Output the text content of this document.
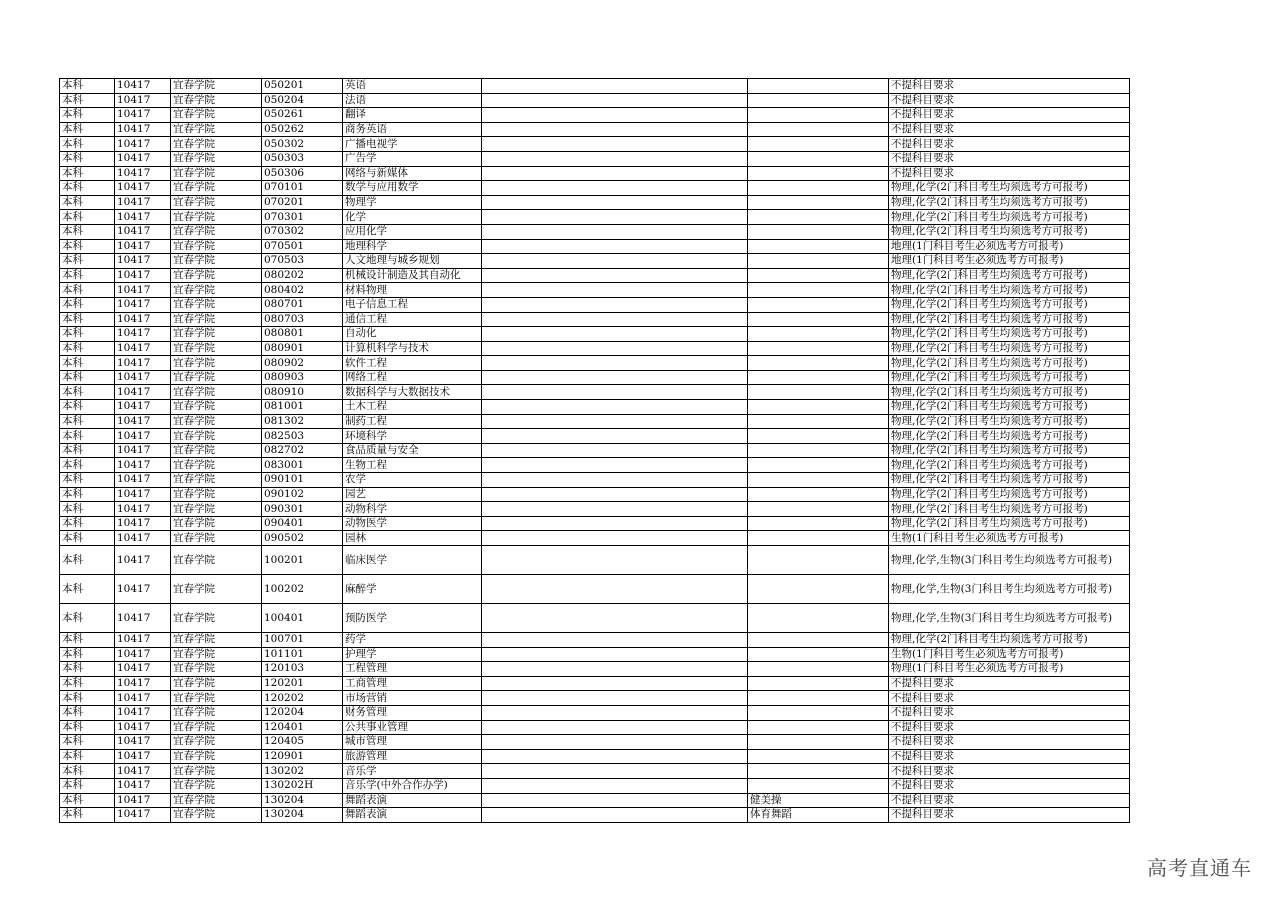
本科	10417	宜春学院	050201	英语			不提科目要求
本科	10417	宜春学院	050204	法语			不提科目要求
本科	10417	宜春学院	050261	翻译			不提科目要求
本科	10417	宜春学院	050262	商务英语			不提科目要求
本科	10417	宜春学院	050302	广播电视学			不提科目要求
本科	10417	宜春学院	050303	广告学			不提科目要求
本科	10417	宜春学院	050306	网络与新媒体			不提科目要求
本科	10417	宜春学院	070101	数学与应用数学			物理,化学(2门科目考生均须选考方可报考)
本科	10417	宜春学院	070201	物理学			物理,化学(2门科目考生均须选考方可报考)
本科	10417	宜春学院	070301	化学			物理,化学(2门科目考生均须选考方可报考)
本科	10417	宜春学院	070302	应用化学			物理,化学(2门科目考生均须选考方可报考)
本科	10417	宜春学院	070501	地理科学			地理(1门科目考生必须选考方可报考)
本科	10417	宜春学院	070503	人文地理与城乡规划			地理(1门科目考生必须选考方可报考)
本科	10417	宜春学院	080202	机械设计制造及其自动化			物理,化学(2门科目考生均须选考方可报考)
本科	10417	宜春学院	080402	材料物理			物理,化学(2门科目考生均须选考方可报考)
本科	10417	宜春学院	080701	电子信息工程			物理,化学(2门科目考生均须选考方可报考)
本科	10417	宜春学院	080703	通信工程			物理,化学(2门科目考生均须选考方可报考)
本科	10417	宜春学院	080801	自动化			物理,化学(2门科目考生均须选考方可报考)
本科	10417	宜春学院	080901	计算机科学与技术			物理,化学(2门科目考生均须选考方可报考)
本科	10417	宜春学院	080902	软件工程			物理,化学(2门科目考生均须选考方可报考)
本科	10417	宜春学院	080903	网络工程			物理,化学(2门科目考生均须选考方可报考)
本科	10417	宜春学院	080910	数据科学与大数据技术			物理,化学(2门科目考生均须选考方可报考)
本科	10417	宜春学院	081001	土木工程			物理,化学(2门科目考生均须选考方可报考)
本科	10417	宜春学院	081302	制药工程			物理,化学(2门科目考生均须选考方可报考)
本科	10417	宜春学院	082503	环境科学			物理,化学(2门科目考生均须选考方可报考)
本科	10417	宜春学院	082702	食品质量与安全			物理,化学(2门科目考生均须选考方可报考)
本科	10417	宜春学院	083001	生物工程			物理,化学(2门科目考生均须选考方可报考)
本科	10417	宜春学院	090101	农学			物理,化学(2门科目考生均须选考方可报考)
本科	10417	宜春学院	090102	园艺			物理,化学(2门科目考生均须选考方可报考)
本科	10417	宜春学院	090301	动物科学			物理,化学(2门科目考生均须选考方可报考)
本科	10417	宜春学院	090401	动物医学			物理,化学(2门科目考生均须选考方可报考)
本科	10417	宜春学院	090502	园林			生物(1门科目考生必须选考方可报考)
本科	10417	宜春学院	100201	临床医学			物理,化学,生物(3门科目考生均须选考方可报考)
本科	10417	宜春学院	100202	麻醉学			物理,化学,生物(3门科目考生均须选考方可报考)
本科	10417	宜春学院	100401	预防医学			物理,化学,生物(3门科目考生均须选考方可报考)
本科	10417	宜春学院	100701	药学			物理,化学(2门科目考生均须选考方可报考)
本科	10417	宜春学院	101101	护理学			生物(1门科目考生必须选考方可报考)
本科	10417	宜春学院	120103	工程管理			物理(1门科目考生必须选考方可报考)
本科	10417	宜春学院	120201	工商管理			不提科目要求
本科	10417	宜春学院	120202	市场营销			不提科目要求
本科	10417	宜春学院	120204	财务管理			不提科目要求
本科	10417	宜春学院	120401	公共事业管理			不提科目要求
本科	10417	宜春学院	120405	城市管理			不提科目要求
本科	10417	宜春学院	120901	旅游管理			不提科目要求
本科	10417	宜春学院	130202	音乐学			不提科目要求
本科	10417	宜春学院	130202H	音乐学(中外合作办学)			不提科目要求
本科	10417	宜春学院	130204	舞蹈表演		健美操	不提科目要求
本科	10417	宜春学院	130204	舞蹈表演		体育舞蹈	不提科目要求
高考直通车
